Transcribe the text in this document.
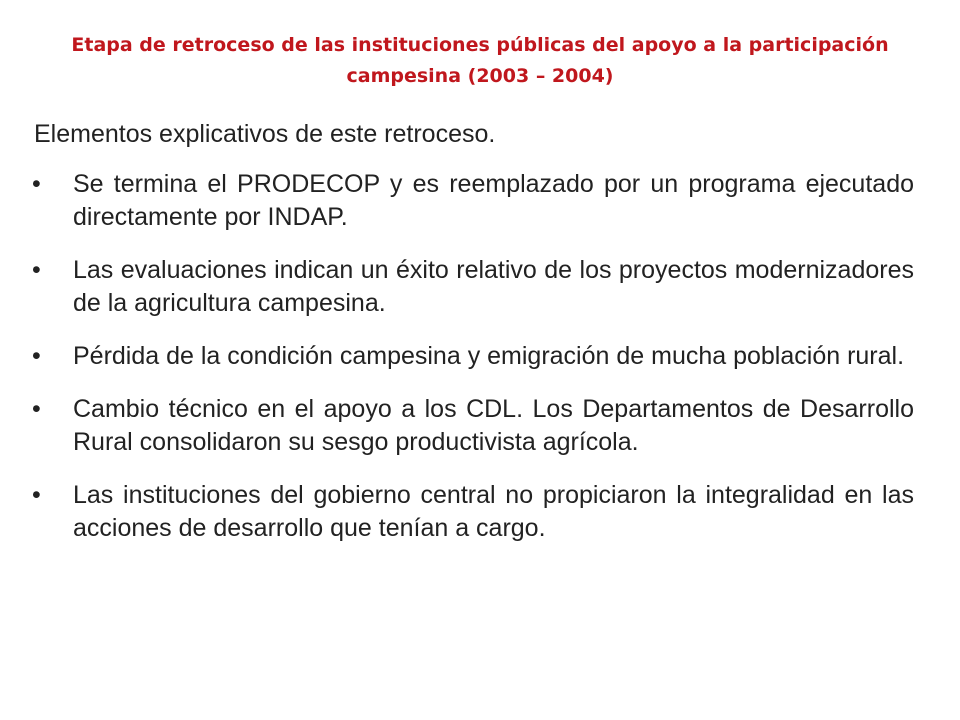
Etapa de retroceso de las instituciones públicas del apoyo a la participación campesina (2003 – 2004)

Elementos explicativos de este retroceso.

•	Se termina el PRODECOP y es reemplazado por un programa ejecutado directamente por INDAP.
•	Las evaluaciones indican un éxito relativo de los proyectos modernizadores de la agricultura campesina.
•	Pérdida de la condición campesina y emigración de mucha población rural.
•	Cambio técnico en el apoyo a los CDL. Los Departamentos de Desarrollo Rural consolidaron su sesgo productivista agrícola.
•	Las instituciones del gobierno central no propiciaron la integralidad en las acciones de desarrollo que tenían a cargo.
